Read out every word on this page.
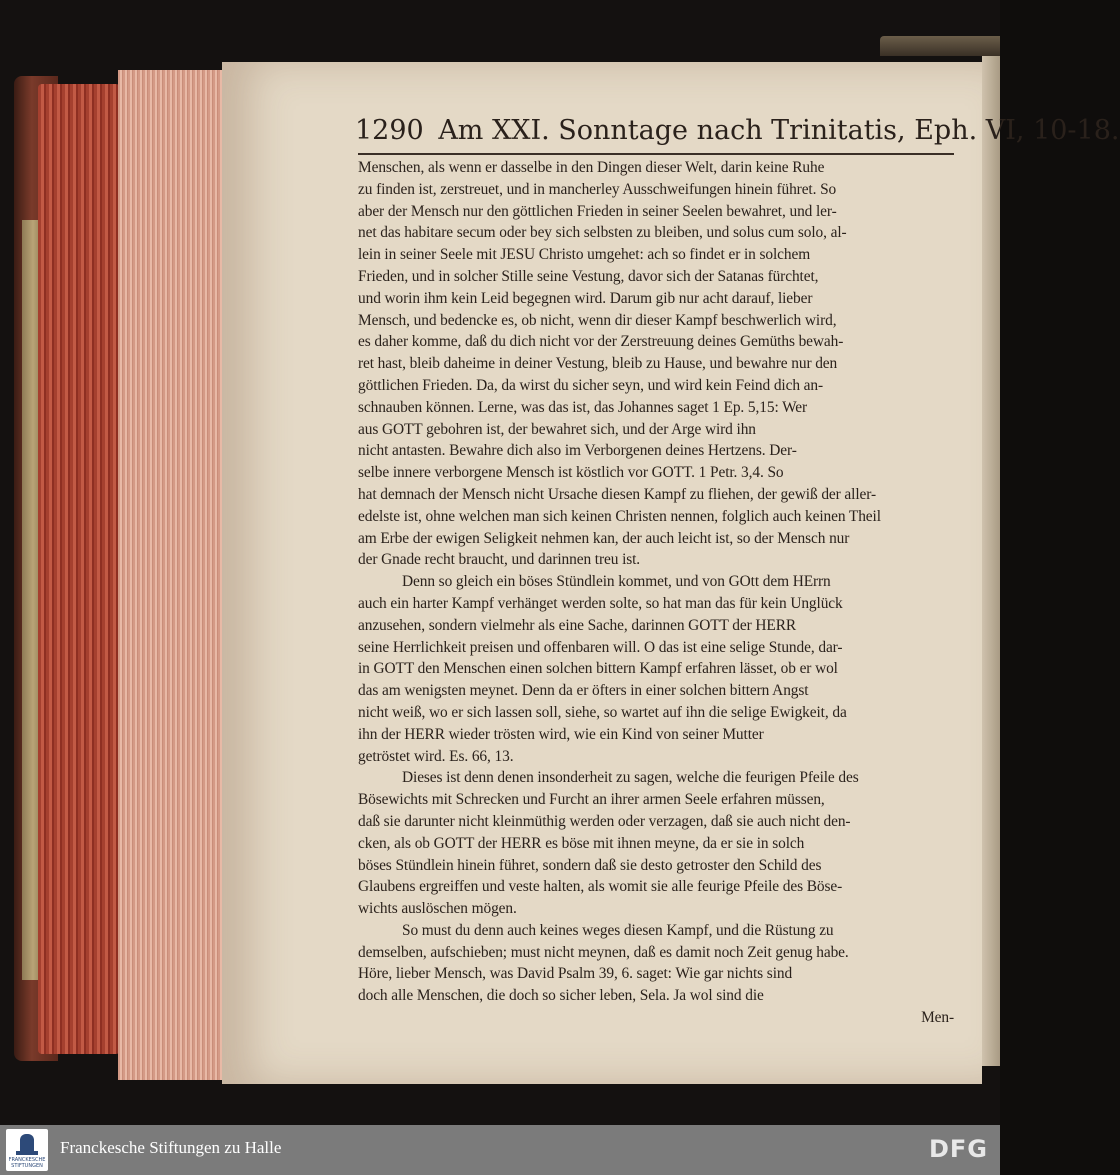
1290 Am XXI. Sonntage nach Trinitatis, Eph. VI, 10-18.
Menschen, als wenn er dasselbe in den Dingen dieser Welt, darin keine Ruhe
zu finden ist, zerstreuet, und in mancherley Ausschweifungen hinein führet. So
aber der Mensch nur den göttlichen Frieden in seiner Seelen bewahret, und ler-
net das habitare secum oder bey sich selbsten zu bleiben, und solus cum solo, al-
lein in seiner Seele mit JESU Christo umgehet: ach so findet er in solchem
Frieden, und in solcher Stille seine Vestung, davor sich der Satanas fürchtet,
und worin ihm kein Leid begegnen wird. Darum gib nur acht darauf, lieber
Mensch, und bedencke es, ob nicht, wenn dir dieser Kampf beschwerlich wird,
es daher komme, daß du dich nicht vor der Zerstreuung deines Gemüths bewah-
ret hast, bleib daheime in deiner Vestung, bleib zu Hause, und bewahre nur den
göttlichen Frieden. Da, da wirst du sicher seyn, und wird kein Feind dich an-
schnauben können. Lerne, was das ist, das Johannes saget 1 Ep. 5,15: Wer
aus GOTT gebohren ist, der bewahret sich, und der Arge wird ihn
nicht antasten. Bewahre dich also im Verborgenen deines Hertzens. Der-
selbe innere verborgene Mensch ist köstlich vor GOTT. 1 Petr. 3,4. So
hat demnach der Mensch nicht Ursache diesen Kampf zu fliehen, der gewiß der aller-
edelste ist, ohne welchen man sich keinen Christen nennen, folglich auch keinen Theil
am Erbe der ewigen Seligkeit nehmen kan, der auch leicht ist, so der Mensch nur
der Gnade recht braucht, und darinnen treu ist.
Denn so gleich ein böses Stündlein kommet, und von GOtt dem HErrn
auch ein harter Kampf verhänget werden solte, so hat man das für kein Unglück
anzusehen, sondern vielmehr als eine Sache, darinnen GOTT der HERR
seine Herrlichkeit preisen und offenbaren will. O das ist eine selige Stunde, dar-
in GOTT den Menschen einen solchen bittern Kampf erfahren lässet, ob er wol
das am wenigsten meynet. Denn da er öfters in einer solchen bittern Angst
nicht weiß, wo er sich lassen soll, siehe, so wartet auf ihn die selige Ewigkeit, da
ihn der HERR wieder trösten wird, wie ein Kind von seiner Mutter
getröstet wird. Es. 66, 13.
Dieses ist denn denen insonderheit zu sagen, welche die feurigen Pfeile des
Bösewichts mit Schrecken und Furcht an ihrer armen Seele erfahren müssen,
daß sie darunter nicht kleinmüthig werden oder verzagen, daß sie auch nicht den-
cken, als ob GOTT der HERR es böse mit ihnen meyne, da er sie in solch
böses Stündlein hinein führet, sondern daß sie desto getroster den Schild des
Glaubens ergreiffen und veste halten, als womit sie alle feurige Pfeile des Böse-
wichts auslöschen mögen.
So must du denn auch keines weges diesen Kampf, und die Rüstung zu
demselben, aufschieben; must nicht meynen, daß es damit noch Zeit genug habe.
Höre, lieber Mensch, was David Psalm 39, 6. saget: Wie gar nichts sind
doch alle Menschen, die doch so sicher leben, Sela. Ja wol sind die
Men-
FRANCKESCHE STIFTUNGEN
Franckesche Stiftungen zu Halle	DFG
